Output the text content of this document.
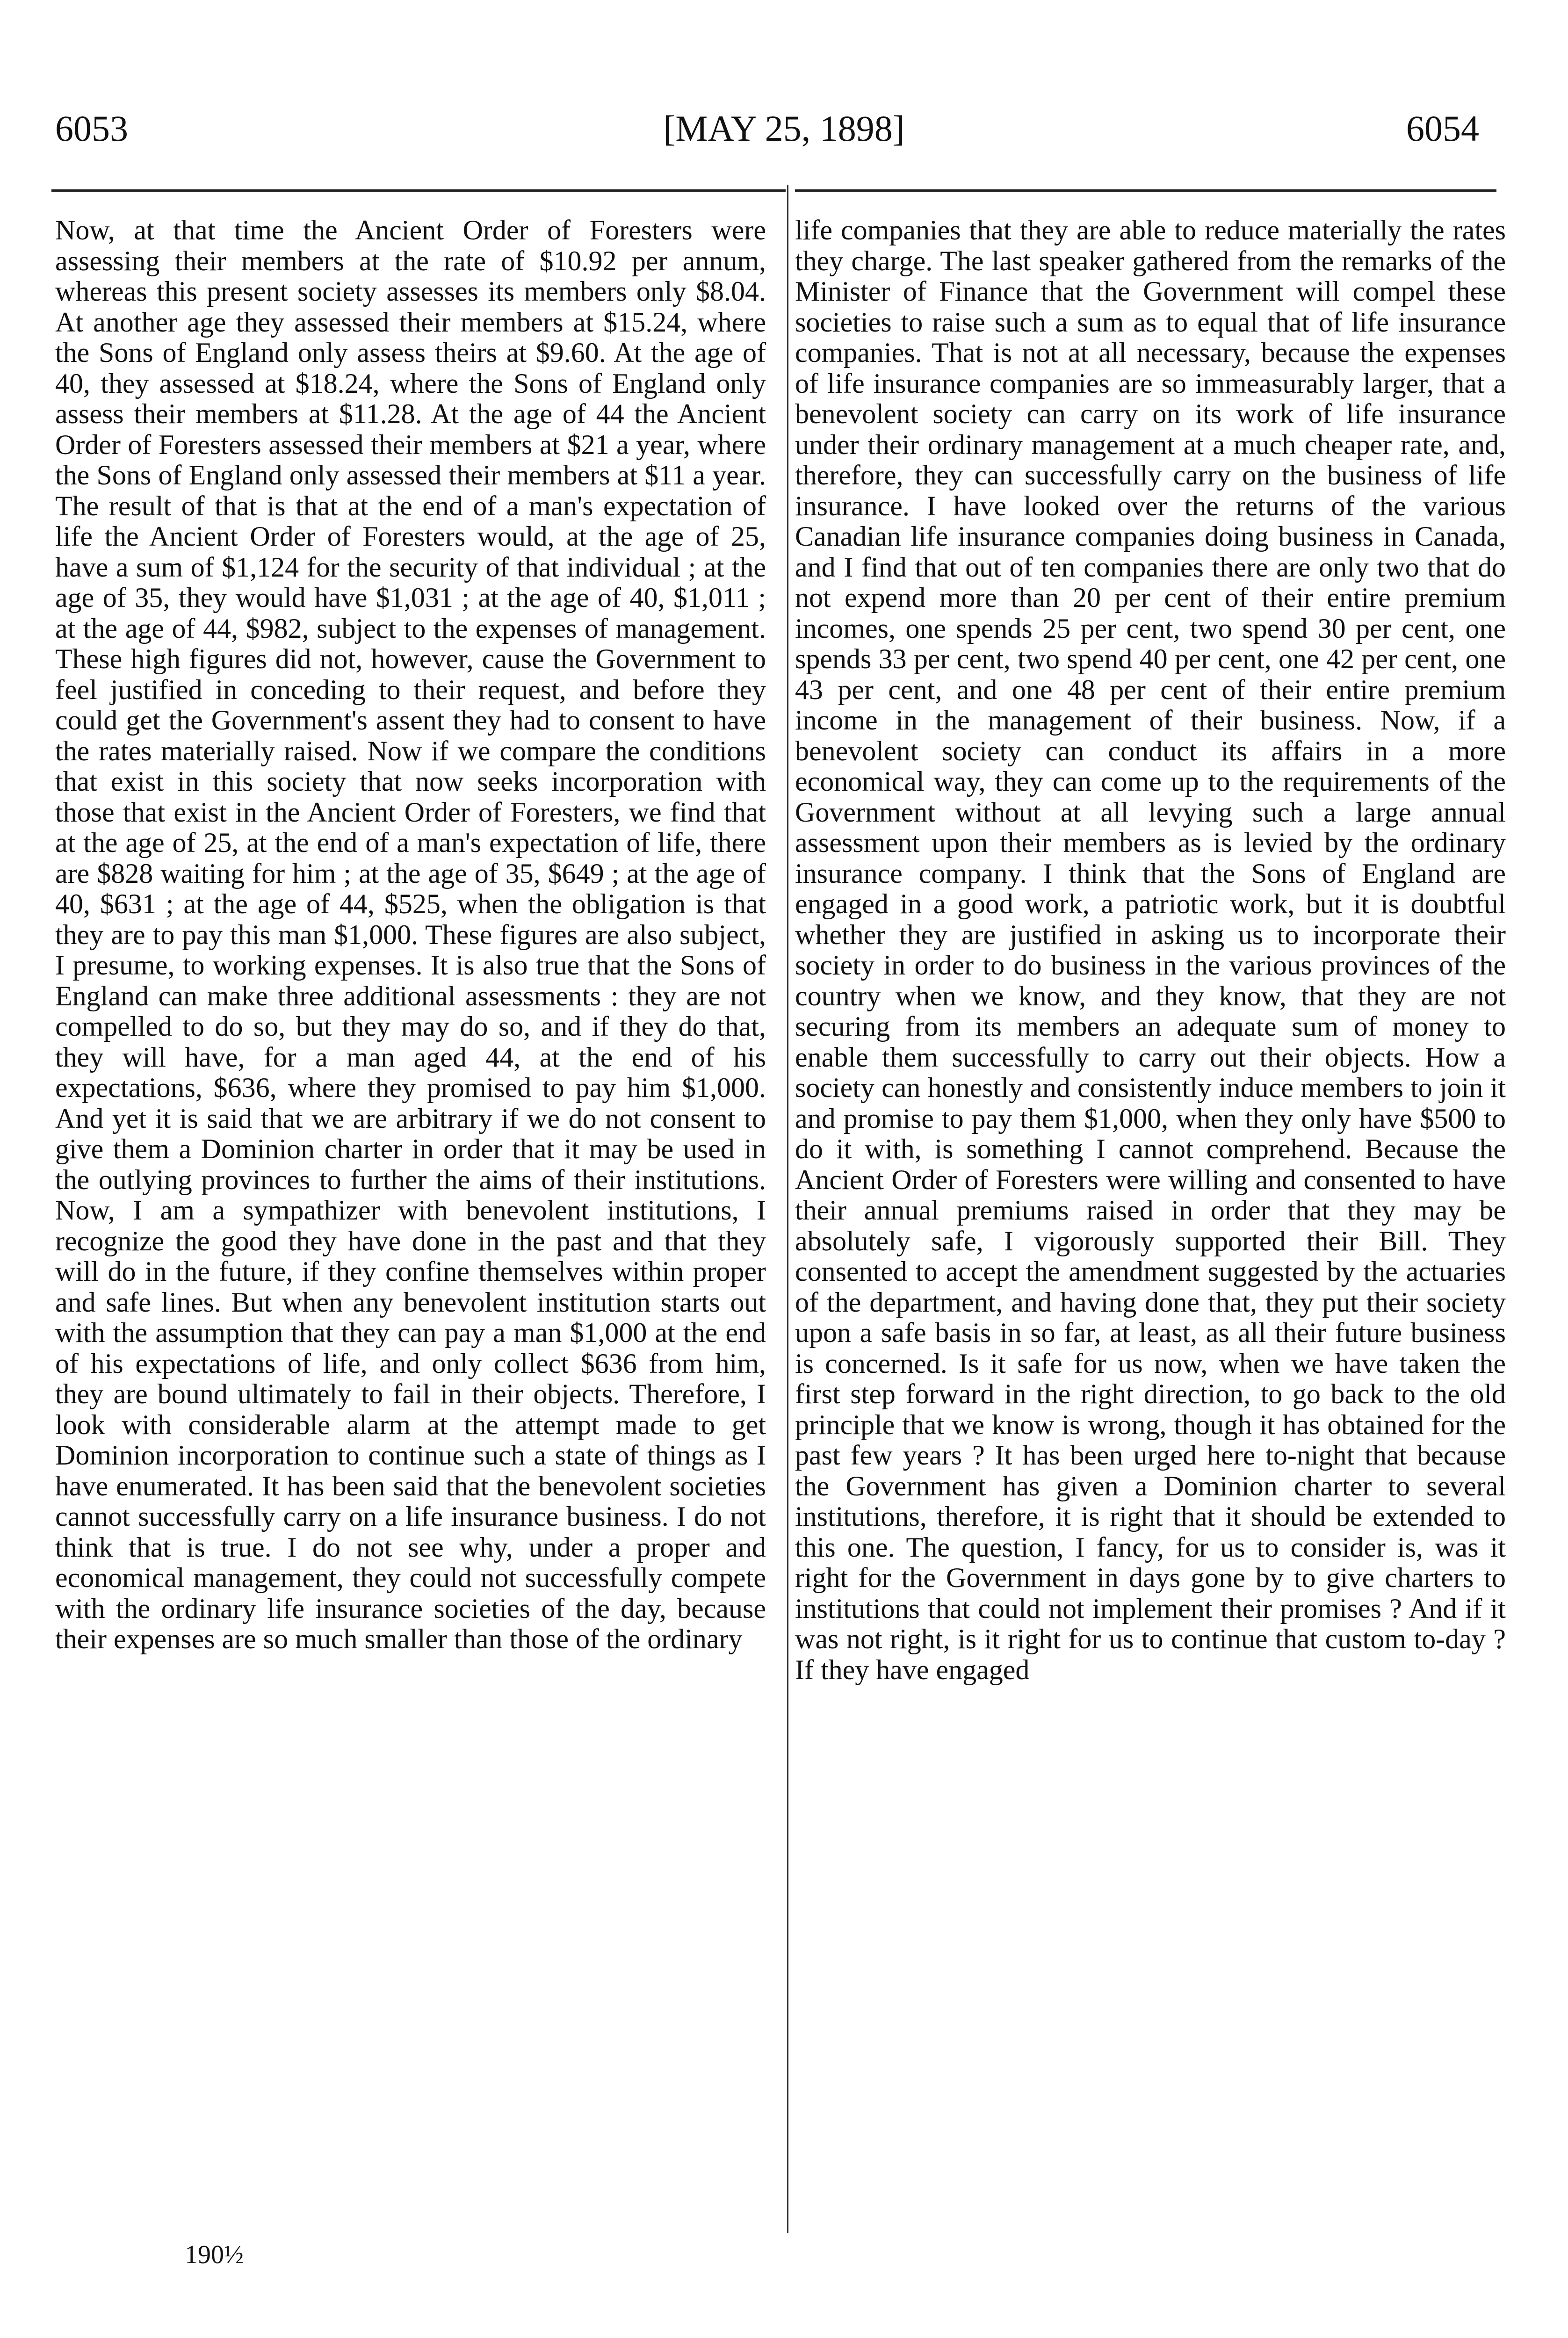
6053	[MAY 25, 1898]	6054

Now, at that time the Ancient Order of Foresters were assessing their members at the rate of $10.92 per annum, whereas this present society assesses its members only $8.04. At another age they assessed their members at $15.24, where the Sons of England only assess theirs at $9.60. At the age of 40, they assessed at $18.24, where the Sons of England only assess their members at $11.28. At the age of 44 the Ancient Order of Foresters assessed their members at $21 a year, where the Sons of England only assessed their members at $11 a year. The result of that is that at the end of a man's expectation of life the Ancient Order of Foresters would, at the age of 25, have a sum of $1,124 for the security of that individual ; at the age of 35, they would have $1,031 ; at the age of 40, $1,011 ; at the age of 44, $982, subject to the expenses of management. These high figures did not, however, cause the Government to feel justified in conceding to their request, and before they could get the Government's assent they had to consent to have the rates materially raised. Now if we compare the conditions that exist in this society that now seeks incorporation with those that exist in the Ancient Order of Foresters, we find that at the age of 25, at the end of a man's expectation of life, there are $828 waiting for him ; at the age of 35, $649 ; at the age of 40, $631 ; at the age of 44, $525, when the obligation is that they are to pay this man $1,000. These figures are also subject, I presume, to working expenses. It is also true that the Sons of England can make three additional assessments : they are not compelled to do so, but they may do so, and if they do that, they will have, for a man aged 44, at the end of his expectations, $636, where they promised to pay him $1,000. And yet it is said that we are arbitrary if we do not consent to give them a Dominion charter in order that it may be used in the outlying provinces to further the aims of their institutions. Now, I am a sympathizer with benevolent institutions, I recognize the good they have done in the past and that they will do in the future, if they confine themselves within proper and safe lines. But when any benevolent institution starts out with the assumption that they can pay a man $1,000 at the end of his expectations of life, and only collect $636 from him, they are bound ultimately to fail in their objects. Therefore, I look with considerable alarm at the attempt made to get Dominion incorporation to continue such a state of things as I have enumerated. It has been said that the benevolent societies cannot successfully carry on a life insurance business. I do not think that is true. I do not see why, under a proper and economical management, they could not successfully compete with the ordinary life insurance societies of the day, because their expenses are so much smaller than those of the ordinary

life companies that they are able to reduce materially the rates they charge. The last speaker gathered from the remarks of the Minister of Finance that the Government will compel these societies to raise such a sum as to equal that of life insurance companies. That is not at all necessary, because the expenses of life insurance companies are so immeasurably larger, that a benevolent society can carry on its work of life insurance under their ordinary management at a much cheaper rate, and, therefore, they can successfully carry on the business of life insurance. I have looked over the returns of the various Canadian life insurance companies doing business in Canada, and I find that out of ten companies there are only two that do not expend more than 20 per cent of their entire premium incomes, one spends 25 per cent, two spend 30 per cent, one spends 33 per cent, two spend 40 per cent, one 42 per cent, one 43 per cent, and one 48 per cent of their entire premium income in the management of their business. Now, if a benevolent society can conduct its affairs in a more economical way, they can come up to the requirements of the Government without at all levying such a large annual assessment upon their members as is levied by the ordinary insurance company. I think that the Sons of England are engaged in a good work, a patriotic work, but it is doubtful whether they are justified in asking us to incorporate their society in order to do business in the various provinces of the country when we know, and they know, that they are not securing from its members an adequate sum of money to enable them successfully to carry out their objects. How a society can honestly and consistently induce members to join it and promise to pay them $1,000, when they only have $500 to do it with, is something I cannot comprehend. Because the Ancient Order of Foresters were willing and consented to have their annual premiums raised in order that they may be absolutely safe, I vigorously supported their Bill. They consented to accept the amendment suggested by the actuaries of the department, and having done that, they put their society upon a safe basis in so far, at least, as all their future business is concerned. Is it safe for us now, when we have taken the first step forward in the right direction, to go back to the old principle that we know is wrong, though it has obtained for the past few years ? It has been urged here to-night that because the Government has given a Dominion charter to several institutions, therefore, it is right that it should be extended to this one. The question, I fancy, for us to consider is, was it right for the Government in days gone by to give charters to institutions that could not implement their promises ? And if it was not right, is it right for us to continue that custom to-day ? If they have engaged

190½
